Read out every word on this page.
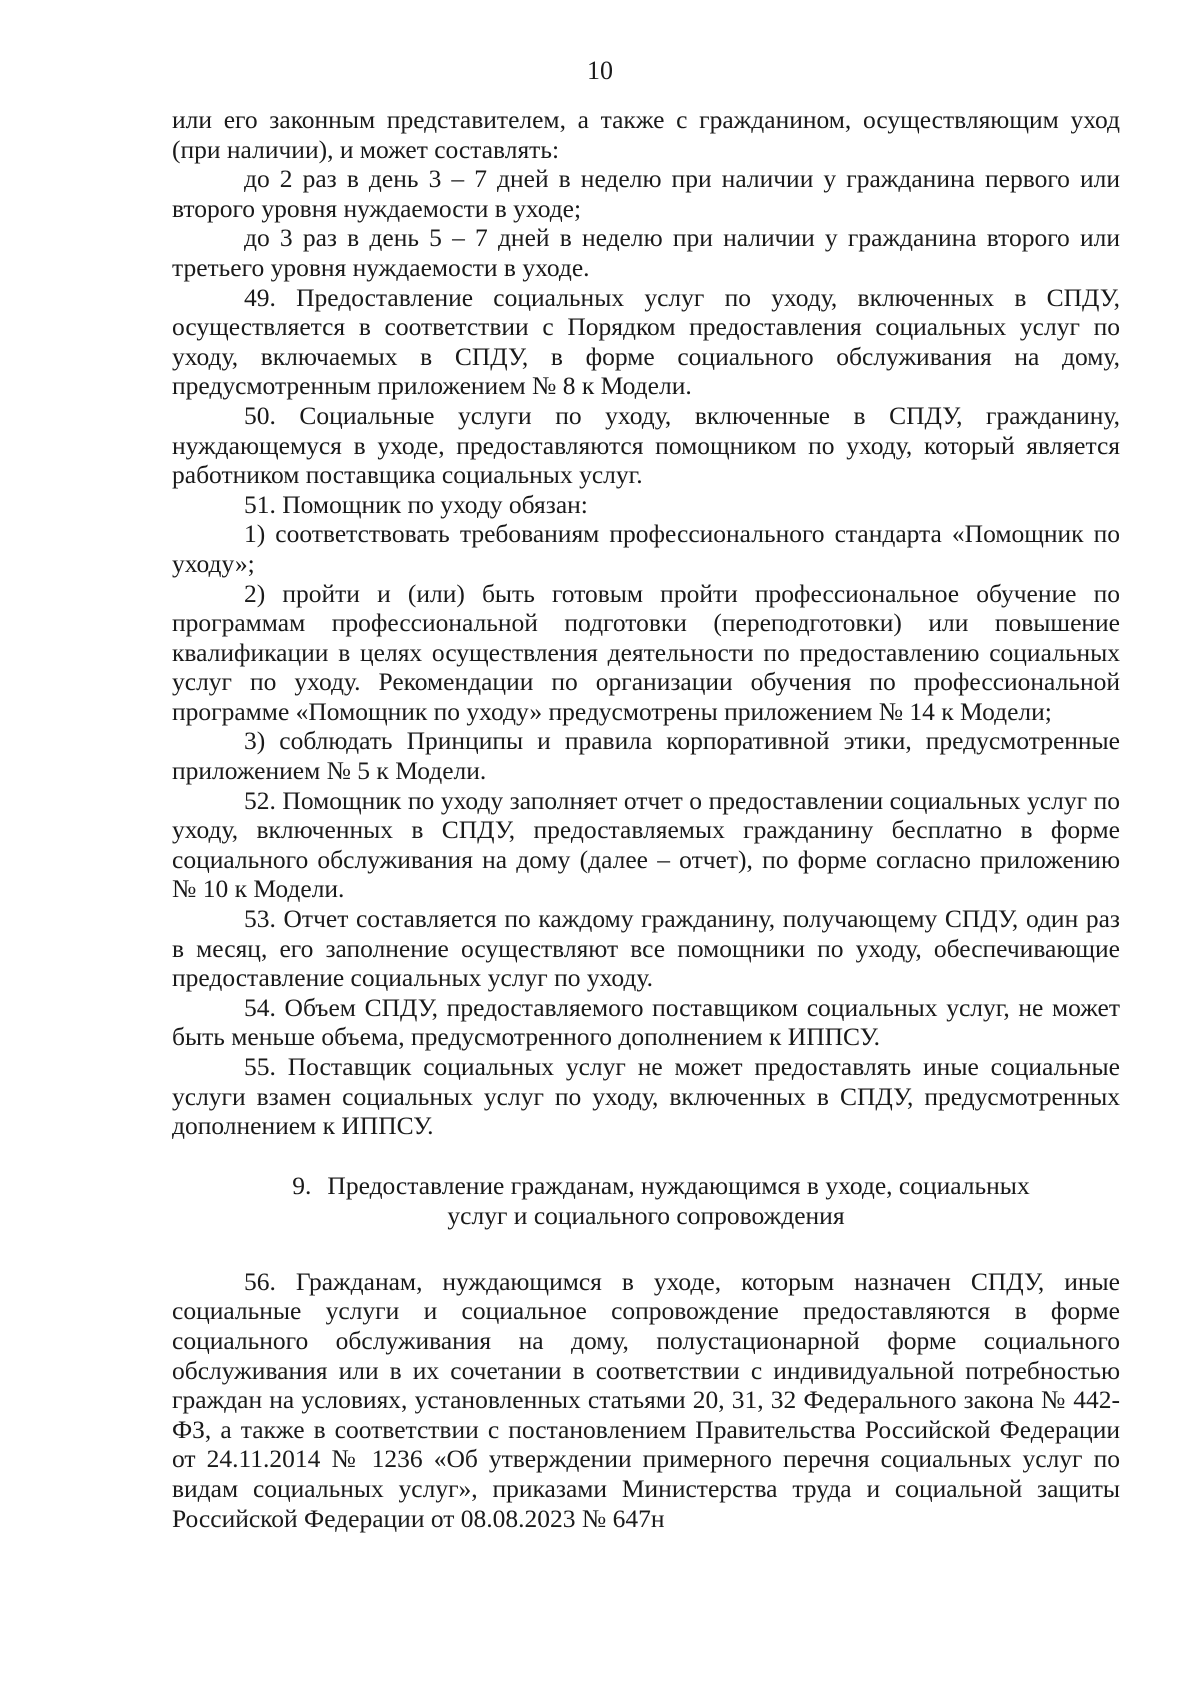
10

или его законным представителем, а также с гражданином, осуществляющим уход (при наличии), и может составлять:

до 2 раз в день 3 – 7 дней в неделю при наличии у гражданина первого или второго уровня нуждаемости в уходе;

до 3 раз в день 5 – 7 дней в неделю при наличии у гражданина второго или третьего уровня нуждаемости в уходе.

49. Предоставление социальных услуг по уходу, включенных в СПДУ, осуществляется в соответствии с Порядком предоставления социальных услуг по уходу, включаемых в СПДУ, в форме социального обслуживания на дому, предусмотренным приложением № 8 к Модели.

50. Социальные услуги по уходу, включенные в СПДУ, гражданину, нуждающемуся в уходе, предоставляются помощником по уходу, который является работником поставщика социальных услуг.

51. Помощник по уходу обязан:

1) соответствовать требованиям профессионального стандарта «Помощник по уходу»;

2) пройти и (или) быть готовым пройти профессиональное обучение по программам профессиональной подготовки (переподготовки) или повышение квалификации в целях осуществления деятельности по предоставлению социальных услуг по уходу. Рекомендации по организации обучения по профессиональной программе «Помощник по уходу» предусмотрены приложением № 14 к Модели;

3) соблюдать Принципы и правила корпоративной этики, предусмотренные приложением № 5 к Модели.

52. Помощник по уходу заполняет отчет о предоставлении социальных услуг по уходу, включенных в СПДУ, предоставляемых гражданину бесплатно в форме социального обслуживания на дому (далее – отчет), по форме согласно приложению № 10 к Модели.

53. Отчет составляется по каждому гражданину, получающему СПДУ, один раз в месяц, его заполнение осуществляют все помощники по уходу, обеспечивающие предоставление социальных услуг по уходу.

54. Объем СПДУ, предоставляемого поставщиком социальных услуг, не может быть меньше объема, предусмотренного дополнением к ИППСУ.

55. Поставщик социальных услуг не может предоставлять иные социальные услуги взамен социальных услуг по уходу, включенных в СПДУ, предусмотренных дополнением к ИППСУ.

9. Предоставление гражданам, нуждающимся в уходе, социальных
услуг и социального сопровождения

56. Гражданам, нуждающимся в уходе, которым назначен СПДУ, иные социальные услуги и социальное сопровождение предоставляются в форме социального обслуживания на дому, полустационарной форме социального обслуживания или в их сочетании в соответствии с индивидуальной потребностью граждан на условиях, установленных статьями 20, 31, 32 Федерального закона № 442-ФЗ, а также в соответствии с постановлением Правительства Российской Федерации от 24.11.2014 № 1236 «Об утверждении примерного перечня социальных услуг по видам социальных услуг», приказами Министерства труда и социальной защиты Российской Федерации от 08.08.2023 № 647н
